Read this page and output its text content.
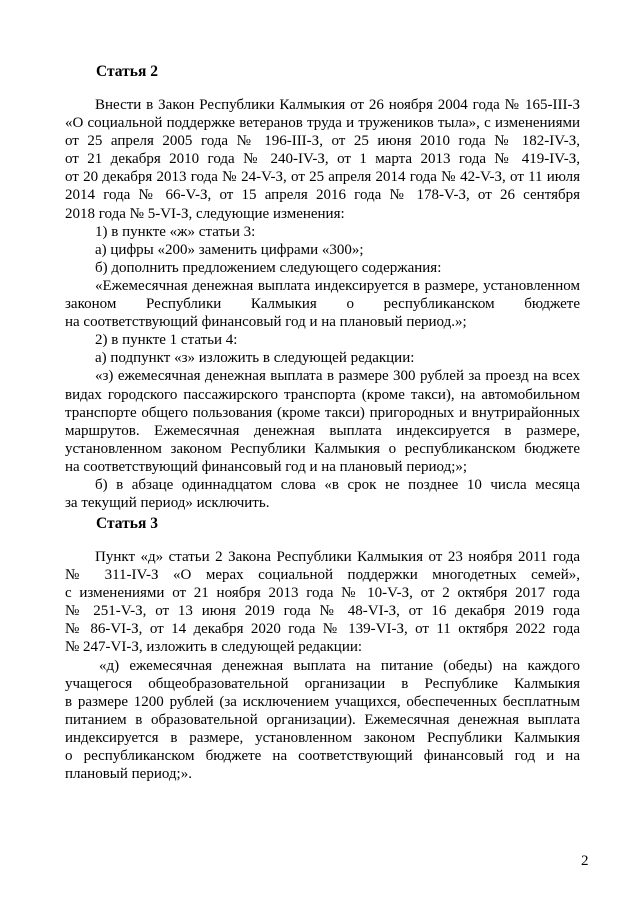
Статья 2
Внести в Закон Республики Калмыкия от 26 ноября 2004 года № 165-III-З
«О социальной поддержке ветеранов труда и тружеников тыла», с изменениями
от 25 апреля 2005 года № 196-III-З, от 25 июня 2010 года № 182-IV-З,
от 21 декабря 2010 года № 240-IV-З, от 1 марта 2013 года № 419-IV-З,
от 20 декабря 2013 года № 24-V-З, от 25 апреля 2014 года № 42-V-З, от 11 июля
2014 года № 66-V-З, от 15 апреля 2016 года № 178-V-З, от 26 сентября
2018 года № 5-VI-З, следующие изменения:
1) в пункте «ж» статьи 3:
а) цифры «200» заменить цифрами «300»;
б) дополнить предложением следующего содержания:
«Ежемесячная денежная выплата индексируется в размере, установленном
законом Республики Калмыкия о республиканском бюджете
на соответствующий финансовый год и на плановый период.»;
2) в пункте 1 статьи 4:
а) подпункт «з» изложить в следующей редакции:
«з) ежемесячная денежная выплата в размере 300 рублей за проезд на всех
видах городского пассажирского транспорта (кроме такси), на автомобильном
транспорте общего пользования (кроме такси) пригородных и внутрирайонных
маршрутов. Ежемесячная денежная выплата индексируется в размере,
установленном законом Республики Калмыкия о республиканском бюджете
на соответствующий финансовый год и на плановый период;»;
б) в абзаце одиннадцатом слова «в срок не позднее 10 числа месяца
за текущий период» исключить.
Статья 3
Пункт «д» статьи 2 Закона Республики Калмыкия от 23 ноября 2011 года
№ 311-IV-З «О мерах социальной поддержки многодетных семей»,
с изменениями от 21 ноября 2013 года № 10-V-З, от 2 октября 2017 года
№ 251-V-З, от 13 июня 2019 года № 48-VI-З, от 16 декабря 2019 года
№ 86-VI-З, от 14 декабря 2020 года № 139-VI-З, от 11 октября 2022 года
№ 247-VI-З, изложить в следующей редакции:
«д) ежемесячная денежная выплата на питание (обеды) на каждого
учащегося общеобразовательной организации в Республике Калмыкия
в размере 1200 рублей (за исключением учащихся, обеспеченных бесплатным
питанием в образовательной организации). Ежемесячная денежная выплата
индексируется в размере, установленном законом Республики Калмыкия
о республиканском бюджете на соответствующий финансовый год и на
плановый период;».
2
